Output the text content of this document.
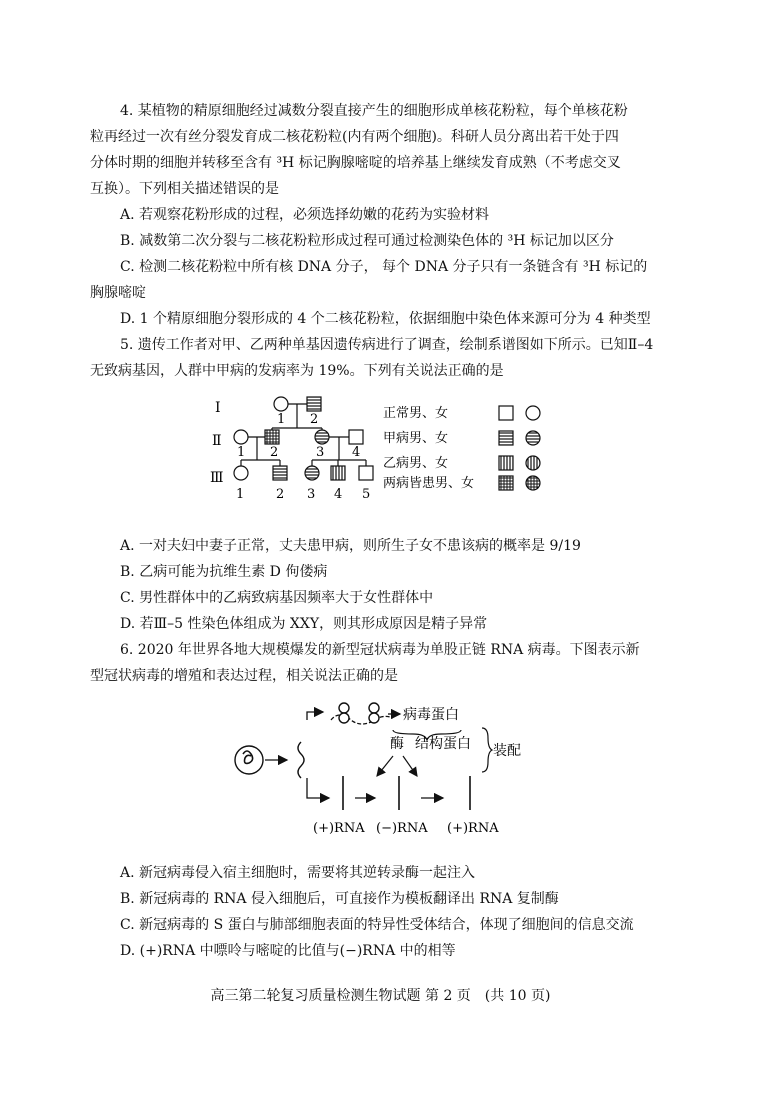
4. 某植物的精原细胞经过减数分裂直接产生的细胞形成单核花粉粒，每个单核花粉
粒再经过一次有丝分裂发育成二核花粉粒(内有两个细胞)。科研人员分离出若干处于四
分体时期的细胞并转移至含有 ³H 标记胸腺嘧啶的培养基上继续发育成熟（不考虑交叉
互换）。下列相关描述错误的是
A. 若观察花粉形成的过程，必须选择幼嫩的花药为实验材料
B. 减数第二次分裂与二核花粉粒形成过程可通过检测染色体的 ³H 标记加以区分
C. 检测二核花粉粒中所有核 DNA 分子， 每个 DNA 分子只有一条链含有 ³H 标记的
胸腺嘧啶
D. 1 个精原细胞分裂形成的 4 个二核花粉粒，依据细胞中染色体来源可分为 4 种类型
5. 遗传工作者对甲、乙两种单基因遗传病进行了调查，绘制系谱图如下所示。已知Ⅱ–4
无致病基因，人群中甲病的发病率为 19%。下列有关说法正确的是
Ⅰ
Ⅱ
Ⅲ
1 2
1 2	3 4
1 2 3 4 5
正常男、女
甲病男、女
乙病男、女
两病皆患男、女
A. 一对夫妇中妻子正常，丈夫患甲病，则所生子女不患该病的概率是 9/19
B. 乙病可能为抗维生素 D 佝偻病
C. 男性群体中的乙病致病基因频率大于女性群体中
D. 若Ⅲ–5 性染色体组成为 XXY，则其形成原因是精子异常
6. 2020 年世界各地大规模爆发的新型冠状病毒为单股正链 RNA 病毒。下图表示新
型冠状病毒的增殖和表达过程，相关说法正确的是
病毒蛋白
酶 结构蛋白 装配
(+)RNA (−)RNA (+)RNA
A. 新冠病毒侵入宿主细胞时，需要将其逆转录酶一起注入
B. 新冠病毒的 RNA 侵入细胞后，可直接作为模板翻译出 RNA 复制酶
C. 新冠病毒的 S 蛋白与肺部细胞表面的特异性受体结合，体现了细胞间的信息交流
D. (+)RNA 中嘌呤与嘧啶的比值与(−)RNA 中的相等
高三第二轮复习质量检测生物试题 第 2 页　(共 10 页)
